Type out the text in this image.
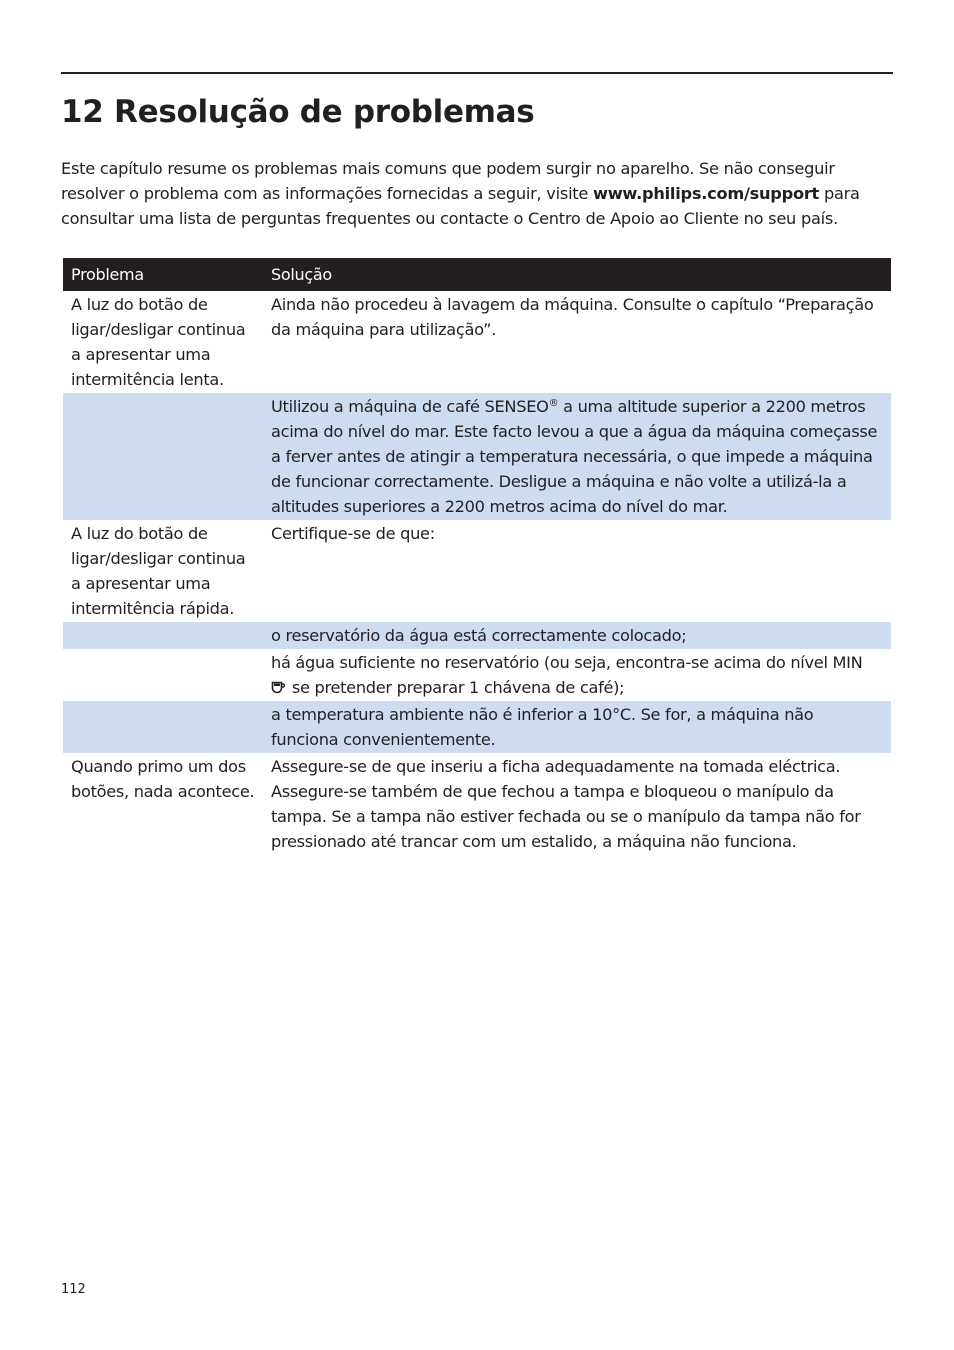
12 Resolução de problemas

Este capítulo resume os problemas mais comuns que podem surgir no aparelho. Se não conseguir resolver o problema com as informações fornecidas a seguir, visite www.philips.com/support para consultar uma lista de perguntas frequentes ou contacte o Centro de Apoio ao Cliente no seu país.

Problema	Solução
A luz do botão de ligar/desligar continua a apresentar uma intermitência lenta.	Ainda não procedeu à lavagem da máquina. Consulte o capítulo “Preparação da máquina para utilização”.
	Utilizou a máquina de café SENSEO® a uma altitude superior a 2200 metros acima do nível do mar. Este facto levou a que a água da máquina começasse a ferver antes de atingir a temperatura necessária, o que impede a máquina de funcionar correctamente. Desligue a máquina e não volte a utilizá-la a altitudes superiores a 2200 metros acima do nível do mar.
A luz do botão de ligar/desligar continua a apresentar uma intermitência rápida.	Certifique-se de que:
	o reservatório da água está correctamente colocado;
	há água suficiente no reservatório (ou seja, encontra-se acima do nível MIN  se pretender preparar 1 chávena de café);
	a temperatura ambiente não é inferior a 10°C. Se for, a máquina não funciona convenientemente.
Quando primo um dos botões, nada acontece.	Assegure-se de que inseriu a ficha adequadamente na tomada eléctrica. Assegure-se também de que fechou a tampa e bloqueou o manípulo da tampa. Se a tampa não estiver fechada ou se o manípulo da tampa não for pressionado até trancar com um estalido, a máquina não funciona.
112
